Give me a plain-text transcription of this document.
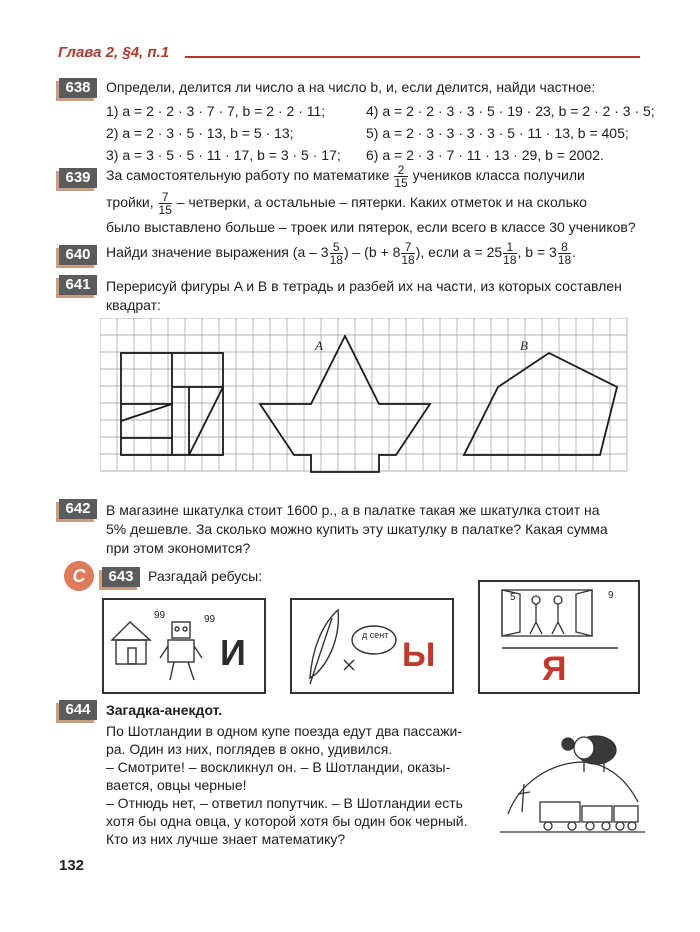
Глава 2, §4, п.1
638	Определи, делится ли число a на число b, и, если делится, найди частное:
1) a = 2 · 2 · 3 · 7 · 7, b = 2 · 2 · 11;	4) a = 2 · 2 · 3 · 3 · 5 · 19 · 23, b = 2 · 2 · 3 · 5;
2) a = 2 · 3 · 5 · 13, b = 5 · 13;	5) a = 2 · 3 · 3 · 3 · 3 · 5 · 11 · 13, b = 405;
3) a = 3 · 5 · 5 · 11 · 17, b = 3 · 5 · 17; 6) a = 2 · 3 · 7 · 11 · 13 · 29, b = 2002.
639	За самостоятельную работу по математике $\frac{2}{15}$ учеников класса получили
тройки, $\frac{7}{15}$ – четверки, а остальные – пятерки. Каких отметок и на сколько
было выставлено больше – троек или пятерок, если всего в классе 30 учеников?
640	Найди значение выражения ($a - 3 \frac{5}{18}$ ) – ($b + 8 \frac{7}{18}$ ), если $a = 25 \frac{1}{18}$ , $b = 3 \frac{8}{18}$ .
641	Перерисуй фигуры A и B в тетрадь и разбей их на части, из которых составлен
квадрат:
A	B
642	В магазине шкатулка стоит 1600 р., а в палатке такая же шкатулка стоит на
5% дешевле. За сколько можно купить эту шкатулку в палатке? Какая сумма
при этом экономится?
C	643	Разгадай ребусы:
99	99
И	д сент
Ы
5	9
Я
644	Загадка-анекдот.
По Шотландии в одном купе поезда едут два пассажи-
ра. Один из них, поглядев в окно, удивился.
– Смотрите! – воскликнул он. – В Шотландии, оказы-
вается, овцы черные!
– Отнюдь нет, – ответил попутчик. – В Шотландии есть
хотя бы одна овца, у которой хотя бы один бок черный.
Кто из них лучше знает математику?
132
